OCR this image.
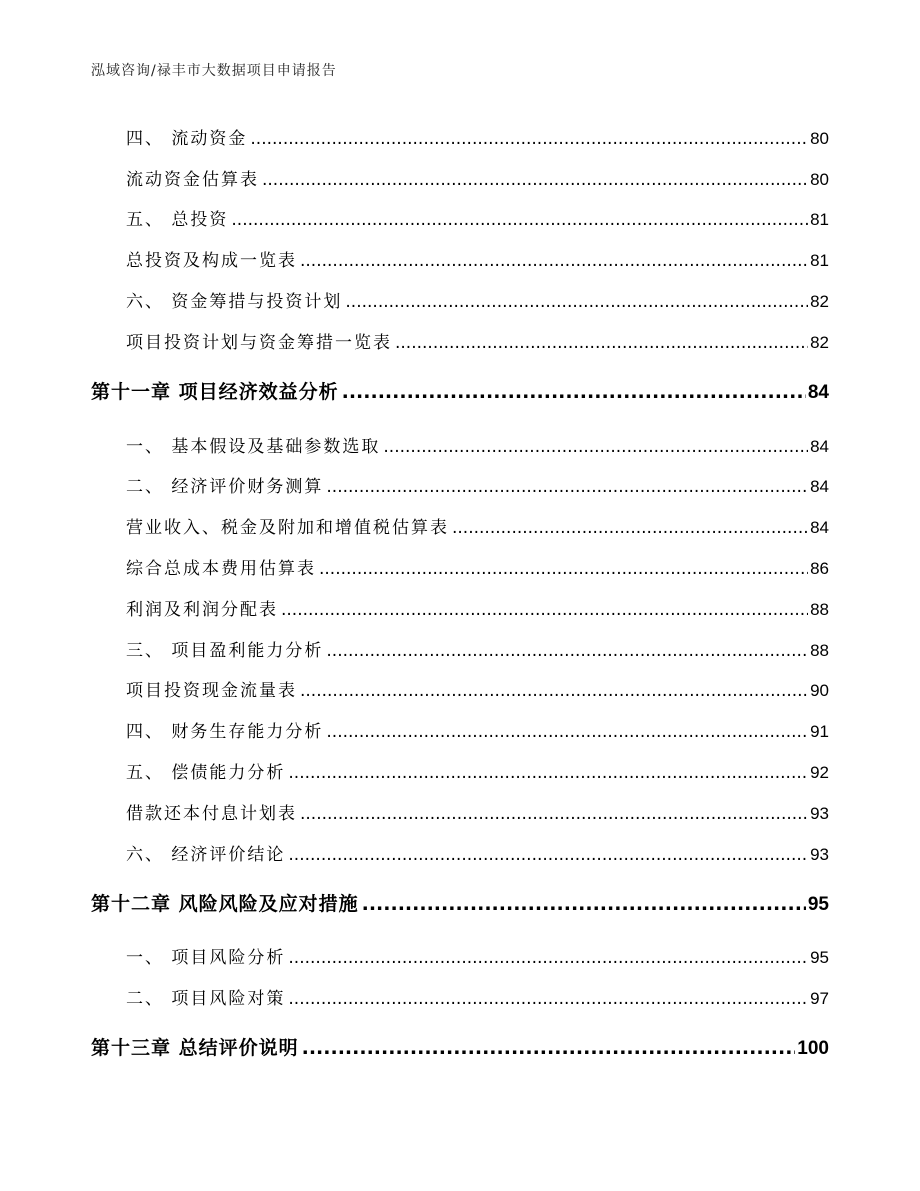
泓域咨询/禄丰市大数据项目申请报告
四、 流动资金 .....	80
流动资金估算表 .....	80
五、 总投资 .....	81
总投资及构成一览表 .....	81
六、 资金筹措与投资计划 .....	82
项目投资计划与资金筹措一览表 .....	82
第十一章 项目经济效益分析 .....	84
一、 基本假设及基础参数选取 .....	84
二、 经济评价财务测算 .....	84
营业收入、税金及附加和增值税估算表 .....	84
综合总成本费用估算表 .....	86
利润及利润分配表 .....	88
三、 项目盈利能力分析 .....	88
项目投资现金流量表 .....	90
四、 财务生存能力分析 .....	91
五、 偿债能力分析 .....	92
借款还本付息计划表 .....	93
六、 经济评价结论 .....	93
第十二章 风险风险及应对措施 .....	95
一、 项目风险分析 .....	95
二、 项目风险对策 .....	97
第十三章 总结评价说明 .....	100
